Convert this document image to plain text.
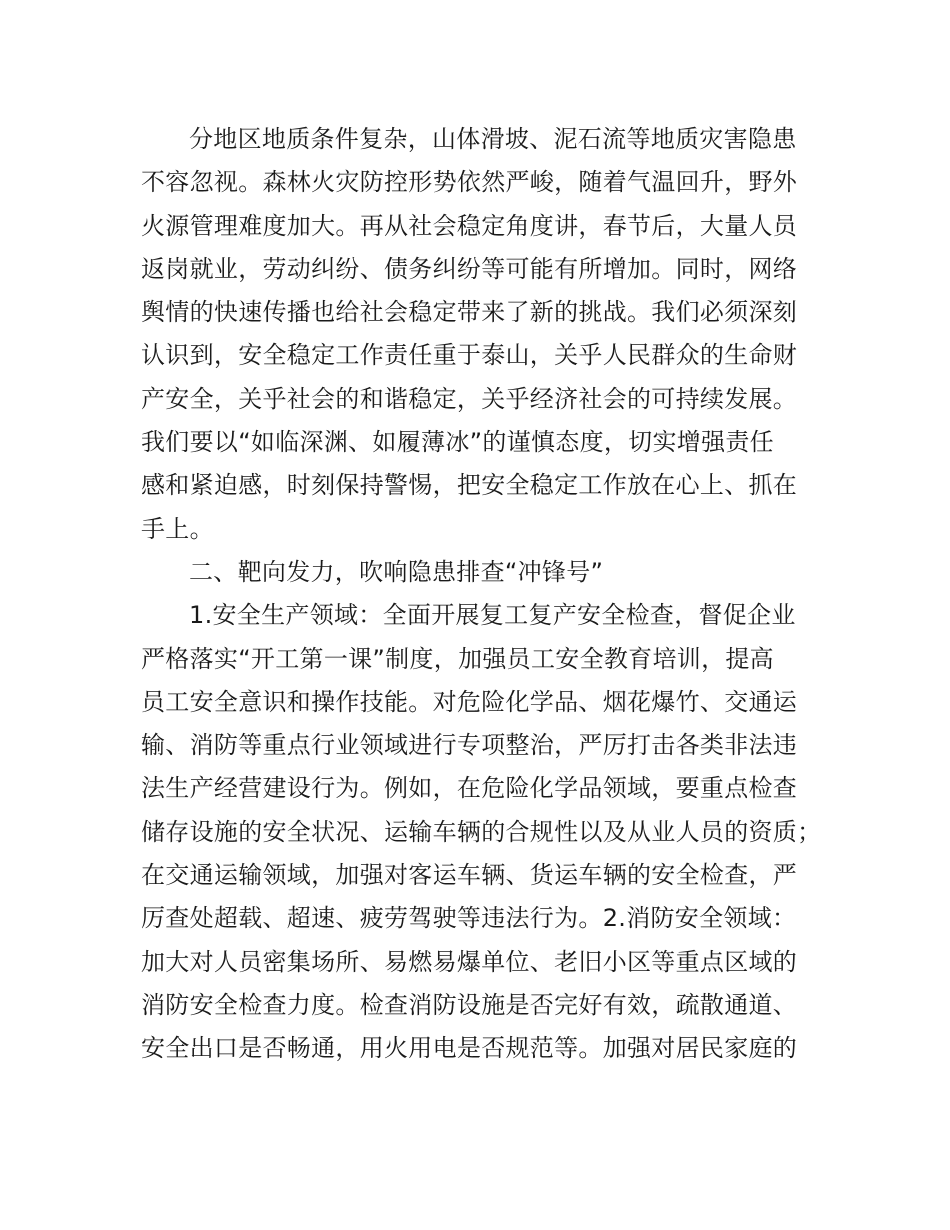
分地区地质条件复杂，山体滑坡、泥石流等地质灾害隐患
不容忽视。森林火灾防控形势依然严峻，随着气温回升，野外
火源管理难度加大。再从社会稳定角度讲，春节后，大量人员
返岗就业，劳动纠纷、债务纠纷等可能有所增加。同时，网络
舆情的快速传播也给社会稳定带来了新的挑战。我们必须深刻
认识到，安全稳定工作责任重于泰山，关乎人民群众的生命财
产安全，关乎社会的和谐稳定，关乎经济社会的可持续发展。
我们要以“如临深渊、如履薄冰”的谨慎态度，切实增强责任
感和紧迫感，时刻保持警惕，把安全稳定工作放在心上、抓在
手上。
二、靶向发力，吹响隐患排查“冲锋号”
1.安全生产领域：全面开展复工复产安全检查，督促企业
严格落实“开工第一课”制度，加强员工安全教育培训，提高
员工安全意识和操作技能。对危险化学品、烟花爆竹、交通运
输、消防等重点行业领域进行专项整治，严厉打击各类非法违
法生产经营建设行为。例如，在危险化学品领域，要重点检查
储存设施的安全状况、运输车辆的合规性以及从业人员的资质；
在交通运输领域，加强对客运车辆、货运车辆的安全检查，严
厉查处超载、超速、疲劳驾驶等违法行为。2.消防安全领域：
加大对人员密集场所、易燃易爆单位、老旧小区等重点区域的
消防安全检查力度。检查消防设施是否完好有效，疏散通道、
安全出口是否畅通，用火用电是否规范等。加强对居民家庭的
